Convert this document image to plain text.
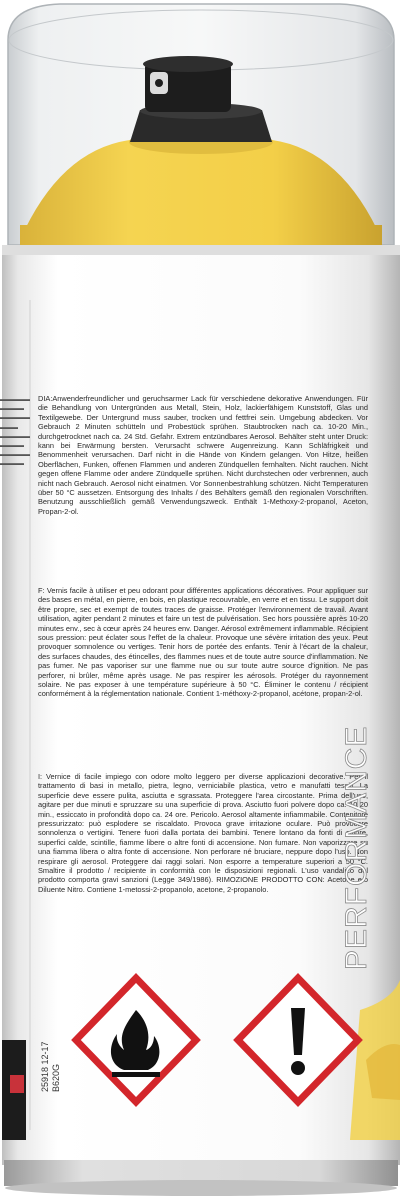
▬▬▬▬▬
▬▬▬▬
▬▬▬▬▬
▬▬▬
▬▬▬▬▬
▬▬▬▬
▬▬▬▬▬
▬▬▬▬
DIA:Anwenderfreundlicher und geruchsarmer Lack für verschiedene dekorative Anwendungen. Für die Behandlung von Untergründen aus Metall, Stein, Holz, lackierfähigem Kunststoff, Glas und Textilgewebe. Der Untergrund muss sauber, trocken und fettfrei sein. Umgebung abdecken. Vor Gebrauch 2 Minuten schütteln und Probestück sprühen. Staubtrocken nach ca. 10-20 Min., durchgetrocknet nach ca. 24 Std. Gefahr. Extrem entzündbares Aerosol. Behälter steht unter Druck: kann bei Erwärmung bersten. Verursacht schwere Augenreizung. Kann Schläfrigkeit und Benommenheit verursachen. Darf nicht in die Hände von Kindern gelangen. Von Hitze, heißen Oberflächen, Funken, offenen Flammen und anderen Zündquellen fernhalten. Nicht rauchen. Nicht gegen offene Flamme oder andere Zündquelle sprühen. Nicht durchstechen oder verbrennen, auch nicht nach Gebrauch. Aerosol nicht einatmen. Vor Sonnenbestrahlung schützen. Nicht Temperaturen über 50 °C aussetzen. Entsorgung des Inhalts / des Behälters gemäß den regionalen Vorschriften. Benutzung ausschließlich gemäß Verwendungszweck. Enthält 1-Methoxy-2-propanol, Aceton, Propan-2-ol.
F: Vernis facile à utiliser et peu odorant pour différentes applications décoratives. Pour appliquer sur des bases en métal, en pierre, en bois, en plastique recouvrable, en verre et en tissu. Le support doit être propre, sec et exempt de toutes traces de graisse. Protéger l'environnement de travail. Avant utilisation, agiter pendant 2 minutes et faire un test de pulvérisation. Sec hors poussière après 10-20 minutes env., sec à cœur après 24 heures env. Danger. Aérosol extrêmement inflammable. Récipient sous pression: peut éclater sous l'effet de la chaleur. Provoque une sévère irritation des yeux. Peut provoquer somnolence ou vertiges. Tenir hors de portée des enfants. Tenir à l'écart de la chaleur, des surfaces chaudes, des étincelles, des flammes nues et de toute autre source d'inflammation. Ne pas fumer. Ne pas vaporiser sur une flamme nue ou sur toute autre source d'ignition. Ne pas perforer, ni brûler, même après usage. Ne pas respirer les aérosols. Protéger du rayonnement solaire. Ne pas exposer à une température supérieure à 50 °C. Éliminer le contenu / récipient conformément à la réglementation nationale. Contient 1-méthoxy-2-propanol, acétone, propan-2-ol.
I: Vernice di facile impiego con odore molto leggero per diverse applicazioni decorative. Per il trattamento di basi in metallo, pietra, legno, verniciabile plastica, vetro e manufatti tessili. La superficie deve essere pulita, asciutta e sgrassata. Proteggere l'area circostante. Prima dell'uso, agitare per due minuti e spruzzare su una superficie di prova. Asciutto fuori polvere dopo ca. 10-20 min., essiccato in profondità dopo ca. 24 ore. Pericolo. Aerosol altamente infiammabile. Contenitore pressurizzato: può esplodere se riscaldato. Provoca grave irritazione oculare. Può provocare sonnolenza o vertigini. Tenere fuori dalla portata dei bambini. Tenere lontano da fonti di calore, superfici calde, scintille, fiamme libere o altre fonti di accensione. Non fumare. Non vaporizzare su una fiamma libera o altra fonte di accensione. Non perforare né bruciare, neppure dopo l'uso. Non respirare gli aerosol. Proteggere dai raggi solari. Non esporre a temperature superiori a 50 °C. Smaltire il prodotto / recipiente in conformità con le disposizioni regionali. L'uso vandalico del prodotto comporta gravi sanzioni (Legge 349/1986). RIMOZIONE PRODOTTO CON: Acetone e/o Diluente Nitro. Contiene 1-metossi-2-propanolo, acetone, 2-propanolo.	PERFORMANCE
25918 12-17 B620G
